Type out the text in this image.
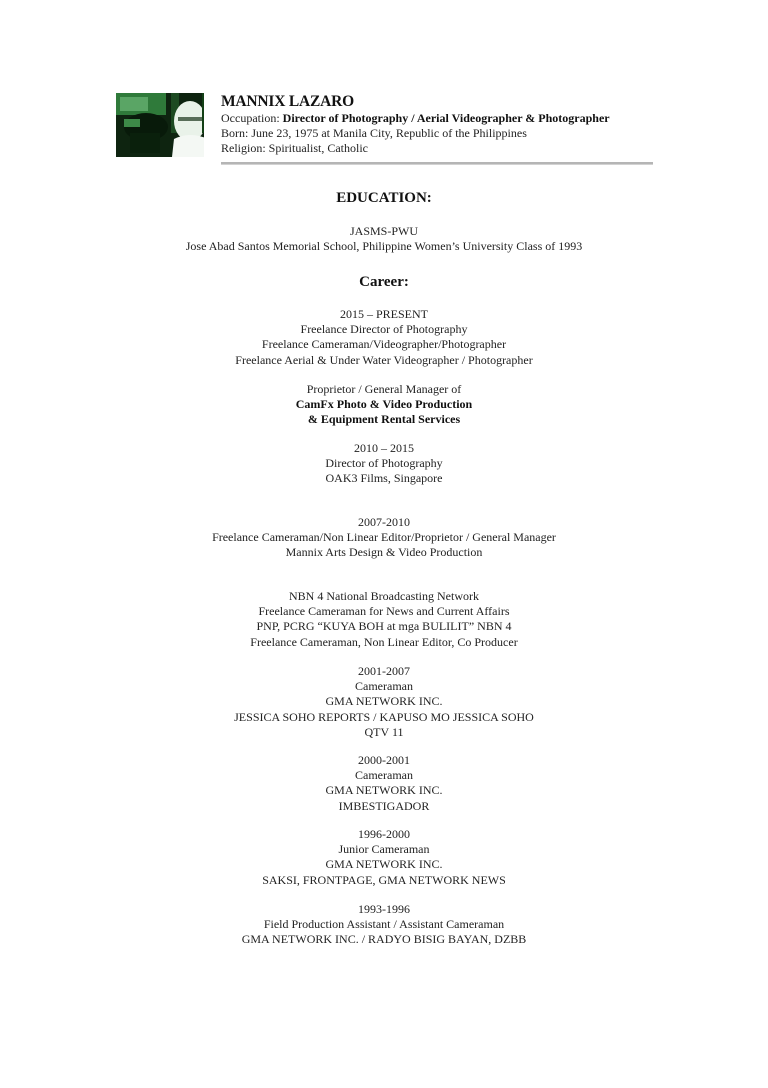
MANNIX LAZARO
Occupation: Director of Photography / Aerial Videographer & Photographer
Born: June 23, 1975 at Manila City, Republic of the Philippines
Religion: Spiritualist, Catholic
EDUCATION:
JASMS-PWU
Jose Abad Santos Memorial School, Philippine Women’s University Class of 1993
Career:
2015 – PRESENT
Freelance Director of Photography
Freelance Cameraman/Videographer/Photographer
Freelance Aerial & Under Water Videographer / Photographer
Proprietor / General Manager of
CamFx Photo & Video Production
& Equipment Rental Services
2010 – 2015
Director of Photography
OAK3 Films, Singapore
2007-2010
Freelance Cameraman/Non Linear Editor/Proprietor / General Manager
Mannix Arts Design & Video Production
NBN 4 National Broadcasting Network
Freelance Cameraman for News and Current Affairs
PNP, PCRG “KUYA BOH at mga BULILIT” NBN 4
Freelance Cameraman, Non Linear Editor, Co Producer
2001-2007
Cameraman
GMA NETWORK INC.
JESSICA SOHO REPORTS / KAPUSO MO JESSICA SOHO
QTV 11
2000-2001
Cameraman
GMA NETWORK INC.
IMBESTIGADOR
1996-2000
Junior Cameraman
GMA NETWORK INC.
SAKSI, FRONTPAGE, GMA NETWORK NEWS
1993-1996
Field Production Assistant / Assistant Cameraman
GMA NETWORK INC. / RADYO BISIG BAYAN, DZBB
